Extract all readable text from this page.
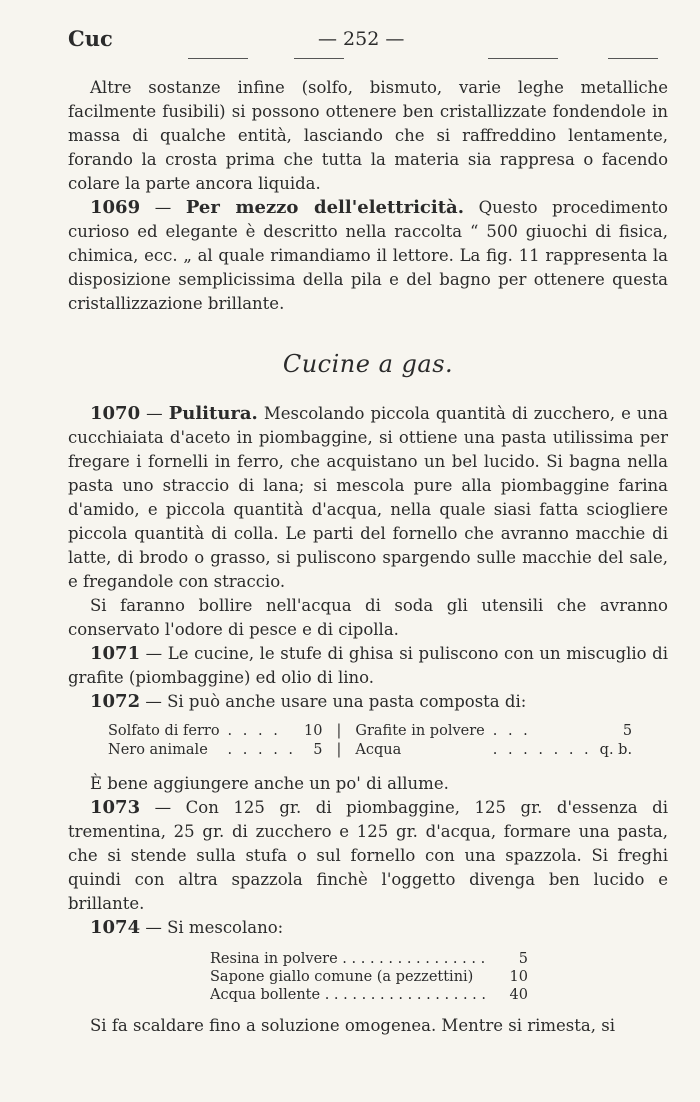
Cuc	— 252 —

Altre sostanze infine (solfo, bismuto, varie leghe metalliche facilmente fusibili) si possono ottenere ben cristallizzate fondendole in massa di qualche entità, lasciando che si raffreddino lentamente, forando la crosta prima che tutta la materia sia rappresa o facendo colare la parte ancora liquida.

1069 — Per mezzo dell'elettricità. Questo procedimento curioso ed elegante è descritto nella raccolta “ 500 giuochi di fisica, chimica, ecc. „ al quale rimandiamo il lettore. La fig. 11 rappresenta la disposizione semplicissima della pila e del bagno per ottenere questa cristallizzazione brillante.

Cucine a gas.

1070 — Pulitura. Mescolando piccola quantità di zucchero, e una cucchiaiata d'aceto in piombaggine, si ottiene una pasta utilissima per fregare i fornelli in ferro, che acquistano un bel lucido. Si bagna nella pasta uno straccio di lana; si mescola pure alla piombaggine farina d'amido, e piccola quantità d'acqua, nella quale siasi fatta sciogliere piccola quantità di colla. Le parti del fornello che avranno macchie di latte, di brodo o grasso, si puliscono spargendo sulle macchie del sale, e fregandole con straccio.

Si faranno bollire nell'acqua di soda gli utensili che avranno conservato l'odore di pesce e di cipolla.

1071 — Le cucine, le stufe di ghisa si puliscono con un miscuglio di grafite (piombaggine) ed olio di lino.

1072 — Si può anche usare una pasta composta di:

Solfato di ferro	. . . .	10	|	Grafite in polvere	. . .	5
Nero animale	. . . . .	5	|	Acqua	. . . . . . .	q. b.

È bene aggiungere anche un po' di allume.

1073 — Con 125 gr. di piombaggine, 125 gr. d'essenza di trementina, 25 gr. di zucchero e 125 gr. d'acqua, formare una pasta, che si stende sulla stufa o sul fornello con una spazzola. Si freghi quindi con altra spazzola finchè l'oggetto divenga ben lucido e brillante.

1074 — Si mescolano:

Resina in polvere . . . . . . . . . . . . . . . .	5
Sapone giallo comune (a pezzettini)	10
Acqua bollente . . . . . . . . . . . . . . . . . .	40

Si fa scaldare fino a soluzione omogenea. Mentre si rimesta, si
